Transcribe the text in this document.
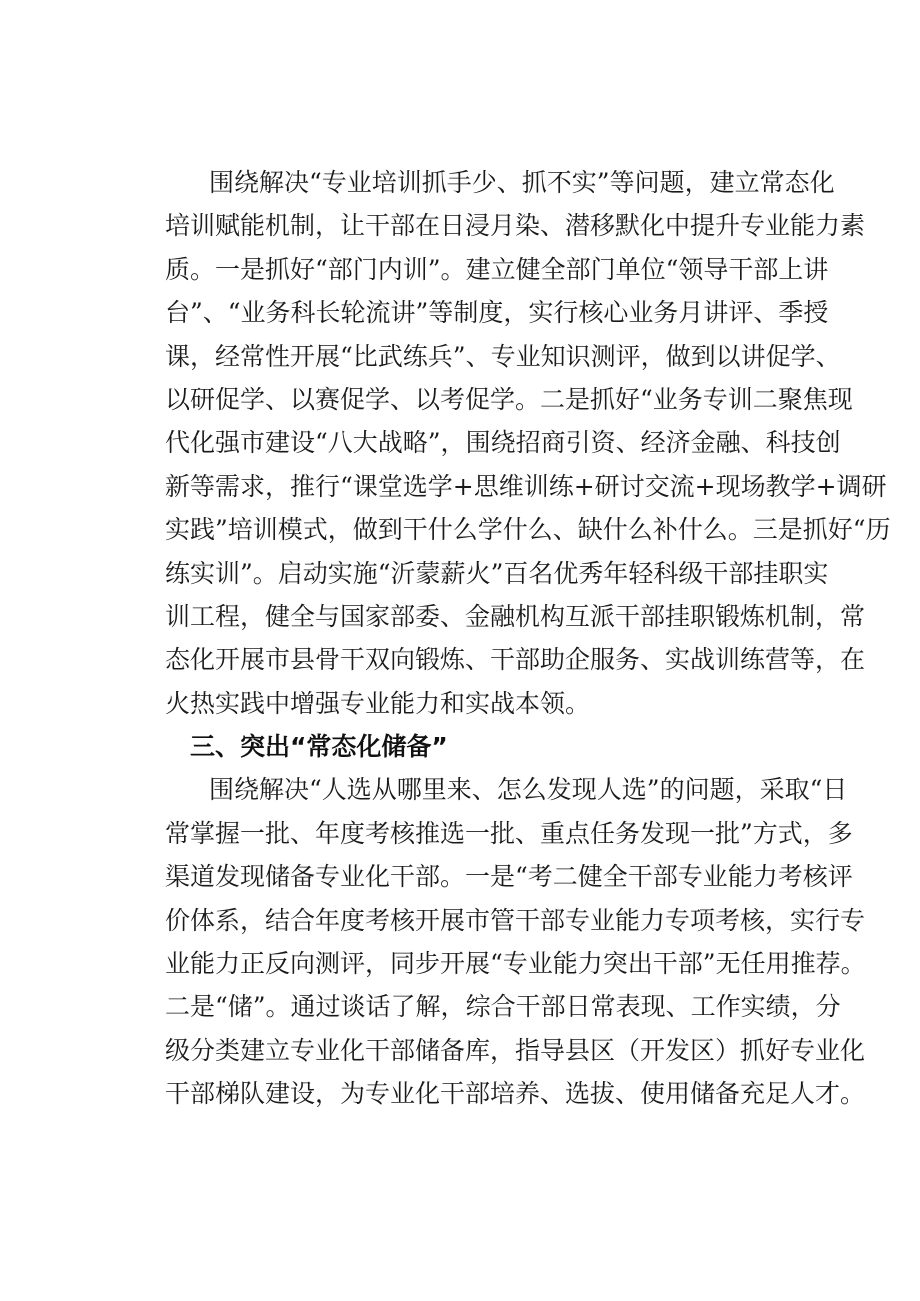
围绕解决“专业培训抓手少、抓不实”等问题，建立常态化
培训赋能机制，让干部在日浸月染、潜移默化中提升专业能力素
质。一是抓好“部门内训”。建立健全部门单位“领导干部上讲
台”、“业务科长轮流讲”等制度，实行核心业务月讲评、季授
课，经常性开展“比武练兵”、专业知识测评，做到以讲促学、
以研促学、以赛促学、以考促学。二是抓好“业务专训二聚焦现
代化强市建设“八大战略”，围绕招商引资、经济金融、科技创
新等需求，推行“课堂选学+思维训练+研讨交流+现场教学+调研
实践”培训模式，做到干什么学什么、缺什么补什么。三是抓好“历
练实训”。启动实施“沂蒙薪火”百名优秀年轻科级干部挂职实
训工程，健全与国家部委、金融机构互派干部挂职锻炼机制，常
态化开展市县骨干双向锻炼、干部助企服务、实战训练营等，在
火热实践中增强专业能力和实战本领。
三、突出“常态化储备”
围绕解决“人选从哪里来、怎么发现人选”的问题，采取“日
常掌握一批、年度考核推选一批、重点任务发现一批”方式，多
渠道发现储备专业化干部。一是“考二健全干部专业能力考核评
价体系，结合年度考核开展市管干部专业能力专项考核，实行专
业能力正反向测评，同步开展“专业能力突出干部”无任用推荐。
二是“储”。通过谈话了解，综合干部日常表现、工作实绩，分
级分类建立专业化干部储备库，指导县区（开发区）抓好专业化
干部梯队建设，为专业化干部培养、选拔、使用储备充足人才。
